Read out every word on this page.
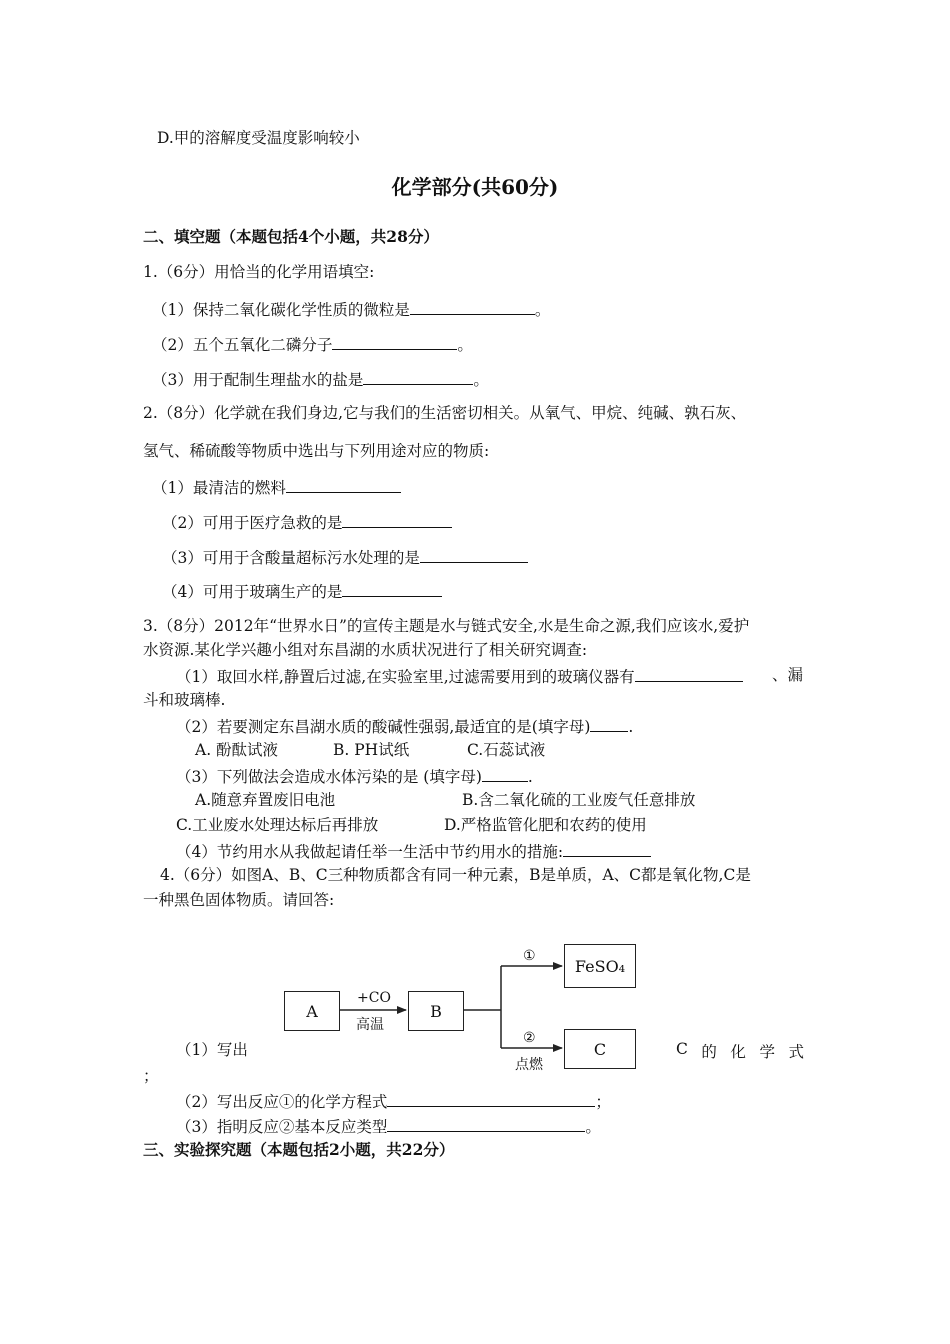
D.甲的溶解度受温度影响较小
化学部分(共60分)
二、填空题（本题包括4个小题，共28分）
1.（6分）用恰当的化学用语填空:
（1）保持二氧化碳化学性质的微粒是	。
（2）五个五氧化二磷分子	。
（3）用于配制生理盐水的盐是	。
2.（8分）化学就在我们身边,它与我们的生活密切相关。从氧气、甲烷、纯碱、孰石灰、
氢气、稀硫酸等物质中选出与下列用途对应的物质:
（1）最清洁的燃料
（2）可用于医疗急救的是
（3）可用于含酸量超标污水处理的是
（4）可用于玻璃生产的是
3.（8分）2012年“世界水日”的宣传主题是水与链式安全,水是生命之源,我们应该水,爱护
水资源.某化学兴趣小组对东昌湖的水质状况进行了相关研究调查:
（1）取回水样,静置后过滤,在实验室里,过滤需要用到的玻璃仪器有	、漏
斗和玻璃棒.
（2）若要测定东昌湖水质的酸碱性强弱,最适宜的是(填字母) .
A. 酚酞试液	B. PH试纸	C.石蕊试液
（3）下列做法会造成水体污染的是 (填字母)	.
A.随意弃置废旧电池	B.含二氧化硫的工业废气任意排放
C.工业废水处理达标后再排放	D.严格监管化肥和农药的使用
（4）节约用水从我做起请任举一生活中节约用水的措施:
4.（6分）如图A、B、C三种物质都含有同一种元素，B是单质，A、C都是氧化物,C是
一种黑色固体物质。请回答:
A	B
FeSO₄
C
+CO
高温
①
②
点燃
（1）写出	C 的 化 学 式
；
（2）写出反应①的化学方程式	；
（3）指明反应②基本反应类型	。
三、实验探究题（本题包括2小题，共22分）
